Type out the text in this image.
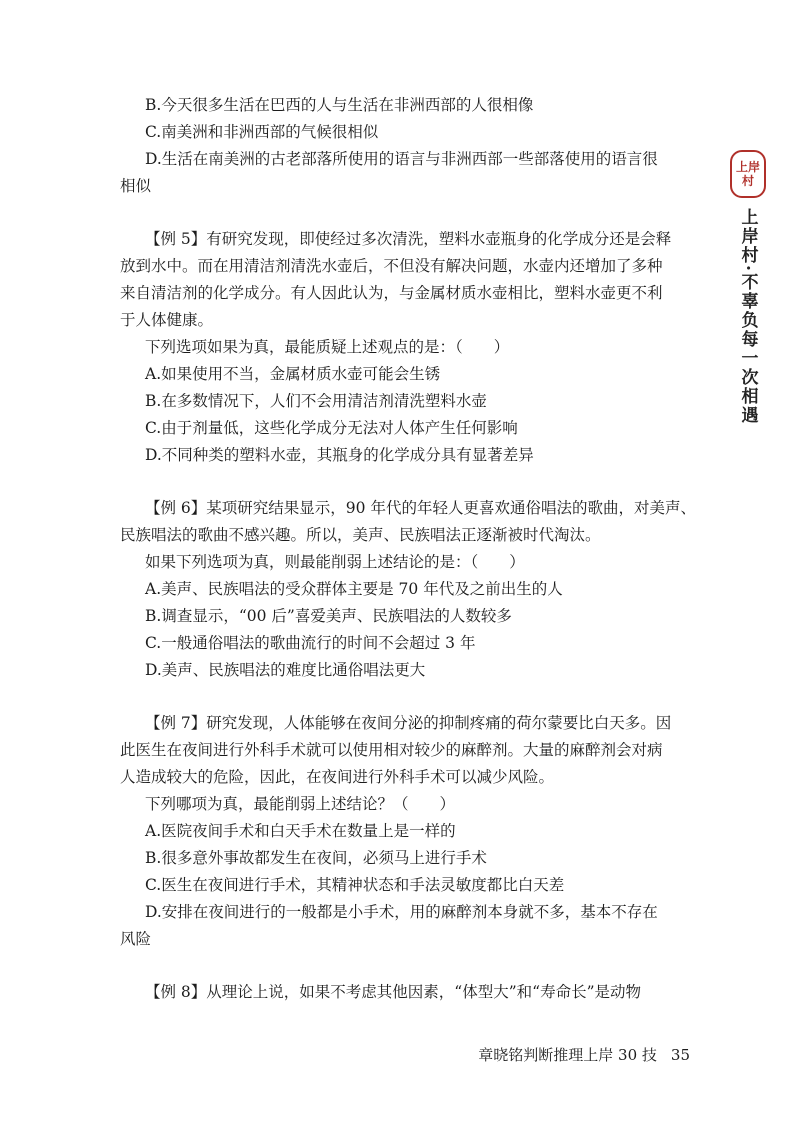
B.今天很多生活在巴西的人与生活在非洲西部的人很相像
C.南美洲和非洲西部的气候很相似
D.生活在南美洲的古老部落所使用的语言与非洲西部一些部落使用的语言很
相似
【例 5】有研究发现，即使经过多次清洗，塑料水壶瓶身的化学成分还是会释
放到水中。而在用清洁剂清洗水壶后，不但没有解决问题，水壶内还增加了多种
来自清洁剂的化学成分。有人因此认为，与金属材质水壶相比，塑料水壶更不利
于人体健康。
下列选项如果为真，最能质疑上述观点的是：（　　）
A.如果使用不当，金属材质水壶可能会生锈
B.在多数情况下，人们不会用清洁剂清洗塑料水壶
C.由于剂量低，这些化学成分无法对人体产生任何影响
D.不同种类的塑料水壶，其瓶身的化学成分具有显著差异
【例 6】某项研究结果显示，90 年代的年轻人更喜欢通俗唱法的歌曲，对美声、
民族唱法的歌曲不感兴趣。所以，美声、民族唱法正逐渐被时代淘汰。
如果下列选项为真，则最能削弱上述结论的是：（　　）
A.美声、民族唱法的受众群体主要是 70 年代及之前出生的人
B.调查显示，“00 后”喜爱美声、民族唱法的人数较多
C.一般通俗唱法的歌曲流行的时间不会超过 3 年
D.美声、民族唱法的难度比通俗唱法更大
【例 7】研究发现，人体能够在夜间分泌的抑制疼痛的荷尔蒙要比白天多。因
此医生在夜间进行外科手术就可以使用相对较少的麻醉剂。大量的麻醉剂会对病
人造成较大的危险，因此，在夜间进行外科手术可以减少风险。
下列哪项为真，最能削弱上述结论？（　　）
A.医院夜间手术和白天手术在数量上是一样的
B.很多意外事故都发生在夜间，必须马上进行手术
C.医生在夜间进行手术，其精神状态和手法灵敏度都比白天差
D.安排在夜间进行的一般都是小手术，用的麻醉剂本身就不多，基本不存在
风险
【例 8】从理论上说，如果不考虑其他因素，“体型大”和“寿命长”是动物
上岸
村
上岸村·不辜负每一次相遇
章晓铭判断推理上岸 30 技 35
